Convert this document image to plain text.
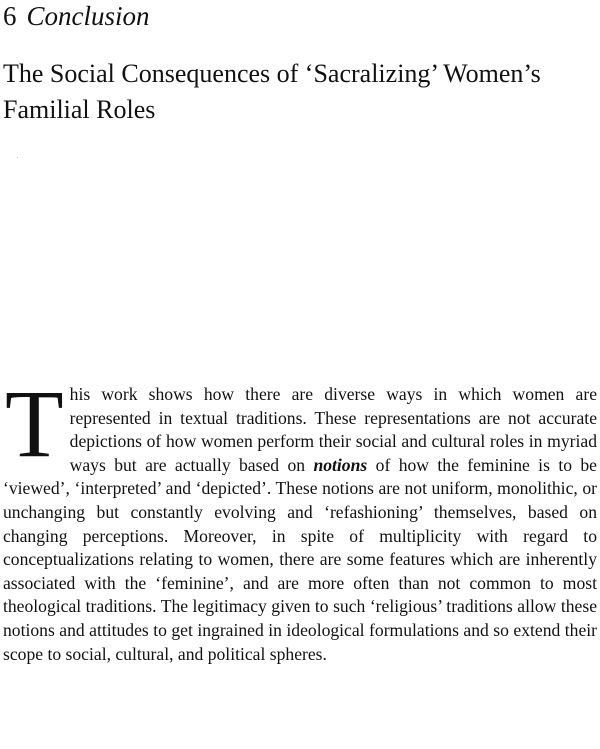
6 Conclusion
The Social Consequences of ‘Sacralizing’ Women’s Familial Roles

This work shows how there are diverse ways in which women are represented in textual traditions. These representations are not accurate depictions of how women perform their social and cultural roles in myriad ways but are actually based on notions of how the feminine is to be ‘viewed’, ‘interpreted’ and ‘depicted’. These notions are not uniform, monolithic, or unchanging but constantly evolving and ‘refashioning’ themselves, based on changing perceptions. Moreover, in spite of multiplicity with regard to conceptualizations relating to women, there are some features which are inherently associated with the ‘feminine’, and are more often than not common to most theological traditions. The legitimacy given to such ‘religious’ traditions allow these notions and attitudes to get ingrained in ideological formulations and so extend their scope to social, cultural, and political spheres.
